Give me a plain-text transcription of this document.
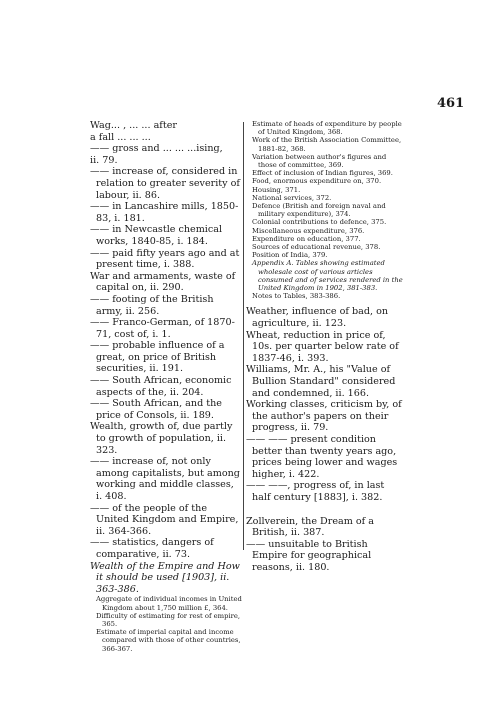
461

Wag... , ... ... after

a fall ... ... ...

—— gross and ... ... ...ising,

ii. 79.

—— increase of, considered in relation to greater severity of labour, ii. 86.

—— in Lancashire mills, 1850-83, i. 181.

—— in Newcastle chemical works, 1840-85, i. 184.

—— paid fifty years ago and at present time, i. 388.

War and armaments, waste of capital on, ii. 290.

—— footing of the British army, ii. 256.

—— Franco-German, of 1870-71, cost of, i. 1.

—— probable influence of a great, on price of British securities, ii. 191.

—— South African, economic aspects of the, ii. 204.

—— South African, and the price of Consols, ii. 189.

Wealth, growth of, due partly to growth of population, ii. 323.

—— increase of, not only among capitalists, but among working and middle classes, i. 408.

—— of the people of the United Kingdom and Empire, ii. 364-366.

—— statistics, dangers of comparative, ii. 73.

Wealth of the Empire and How it should be used [1903], ii. 363-386.

Aggregate of individual incomes in United Kingdom about 1,750 million £, 364.

Difficulty of estimating for rest of empire, 365.

Estimate of imperial capital and income compared with those of other countries, 366-367.

Estimate of heads of expenditure by people of United Kingdom, 368.

Work of the British Association Committee, 1881-82, 368.

Variation between author's figures and those of committee, 369.

Effect of inclusion of Indian figures, 369.

Food, enormous expenditure on, 370.

Housing, 371.

National services, 372.

Defence (British and foreign naval and military expenditure), 374.

Colonial contributions to defence, 375.

Miscellaneous expenditure, 376.

Expenditure on education, 377.

Sources of educational revenue, 378.

Position of India, 379.

Appendix A. Tables showing estimated wholesale cost of various articles consumed and of services rendered in the United Kingdom in 1902, 381-383.

Notes to Tables, 383-386.

Weather, influence of bad, on agriculture, ii. 123.

Wheat, reduction in price of, 10s. per quarter below rate of 1837-46, i. 393.

Williams, Mr. A., his "Value of Bullion Standard" considered and condemned, ii. 166.

Working classes, criticism by, of the author's papers on their progress, ii. 79.

—— —— present condition better than twenty years ago, prices being lower and wages higher, i. 422.

—— ——, progress of, in last half century [1883], i. 382.

Zollverein, the Dream of a British, ii. 387.

—— unsuitable to British Empire for geographical reasons, ii. 180.
